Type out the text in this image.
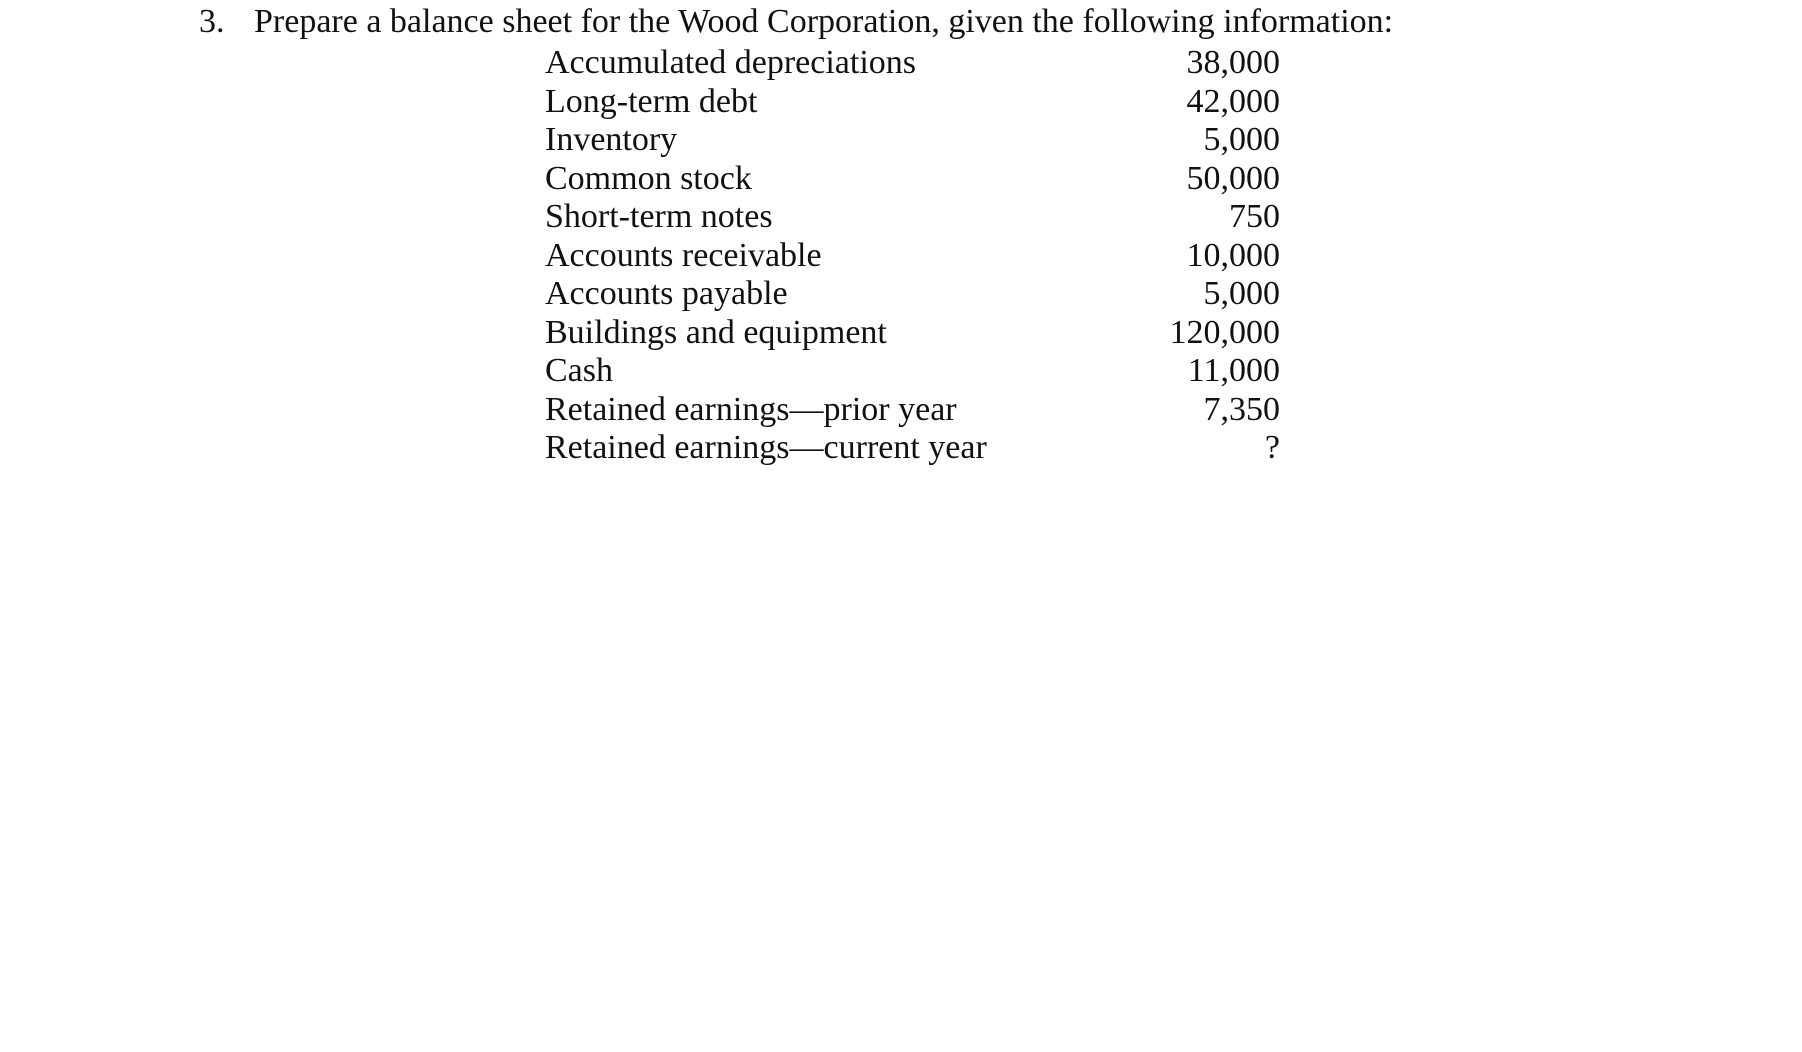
3. Prepare a balance sheet for the Wood Corporation, given the following information:
Accumulated depreciations	38,000
Long-term debt	42,000
Inventory	5,000
Common stock	50,000
Short-term notes	750
Accounts receivable	10,000
Accounts payable	5,000
Buildings and equipment	120,000
Cash	11,000
Retained earnings—prior year	7,350
Retained earnings—current year	?
